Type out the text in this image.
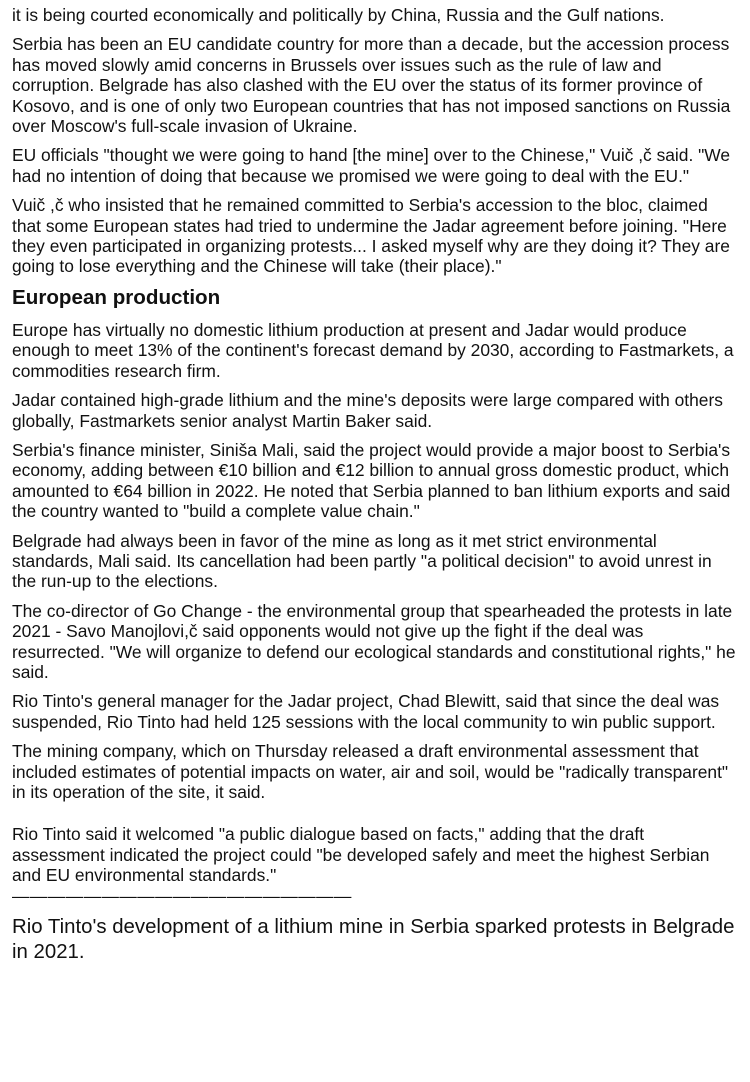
it is being courted economically and politically by China, Russia and the Gulf nations.

Serbia has been an EU candidate country for more than a decade, but the accession process has moved slowly amid concerns in Brussels over issues such as the rule of law and corruption. Belgrade has also clashed with the EU over the status of its former province of Kosovo, and is one of only two European countries that has not imposed sanctions on Russia over Moscow's full-scale invasion of Ukraine.

EU officials "thought we were going to hand [the mine] over to the Chinese," Vuič ,č said. "We had no intention of doing that because we promised we were going to deal with the EU."

Vuič ,č who insisted that he remained committed to Serbia's accession to the bloc, claimed that some European states had tried to undermine the Jadar agreement before joining. "Here they even participated in organizing protests... I asked myself why are they doing it? They are going to lose everything and the Chinese will take (their place)."

European production

Europe has virtually no domestic lithium production at present and Jadar would produce enough to meet 13% of the continent's forecast demand by 2030, according to Fastmarkets, a commodities research firm.

Jadar contained high-grade lithium and the mine's deposits were large compared with others globally, Fastmarkets senior analyst Martin Baker said.

Serbia's finance minister, Siniša Mali, said the project would provide a major boost to Serbia's economy, adding between €10 billion and €12 billion to annual gross domestic product, which amounted to €64 billion in 2022. He noted that Serbia planned to ban lithium exports and said the country wanted to "build a complete value chain."

Belgrade had always been in favor of the mine as long as it met strict environmental standards, Mali said. Its cancellation had been partly "a political decision" to avoid unrest in the run-up to the elections.

The co-director of Go Change - the environmental group that spearheaded the protests in late 2021 - Savo Manojlovi,č said opponents would not give up the fight if the deal was resurrected. "We will organize to defend our ecological standards and constitutional rights," he said.

Rio Tinto's general manager for the Jadar project, Chad Blewitt, said that since the deal was suspended, Rio Tinto had held 125 sessions with the local community to win public support.

The mining company, which on Thursday released a draft environmental assessment that included estimates of potential impacts on water, air and soil, would be "radically transparent" in its operation of the site, it said.

Rio Tinto said it welcomed "a public dialogue based on facts," adding that the draft assessment indicated the project could "be developed safely and meet the highest Serbian and EU environmental standards."

———————————————————

Rio Tinto's development of a lithium mine in Serbia sparked protests in Belgrade in 2021.
